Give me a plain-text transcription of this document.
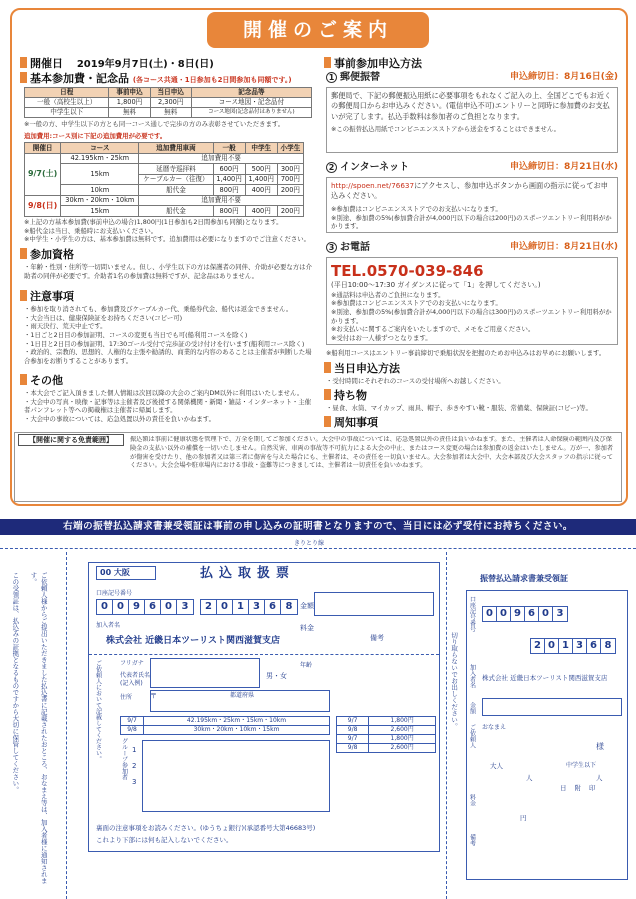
開催のご案内
開催日 2019年9月7日(土)・8日(日)
基本参加費・記念品 (各コース共通・1日参加も2日間参加も同額です。)
日程	事前申込	当日申込	記念品等
一般（高校生以上）	1,800円	2,300円	コース地図・記念品付
中学生以下	無料	無料	コース地図(記念品付はありません)
※一般の方、中学生以下の方とも同一コース通しで完歩の方のみ表彰させていただきます。
追加費用:コース別に下記の追加費用が必要です。
開催日	コース	追加費用車両	一般	中学生	小学生
9/7(土)	42.195km・25km	追加費用不要			
	15km	延暦寺巡拝料	600円	500円	300円
		ケーブルカー（往復）	1,400円	1,400円	700円
	10km	船代金	800円	400円	200円
9/8(日)	30km・20km・10km	追加費用不要			
	15km	船代金	800円	400円	200円
※上記の方基本参加費(事前申込の場合)1,800円(1日参加も2日間参加も同額)となります。
※船代金は当日、乗船時にお支払いください。
※中学生・小学生の方は、基本参加費は無料です。追加費用は必要になりますのでご注意ください。
参加資格
・年齢・性別・住所等一切問いません。但し、小学生以下の方は保護者の同伴、介助が必要な方は介助者の同伴が必要です。介助者1名の参加費は無料ですが、記念品はありません。
注意事項
・参加を取り消されても、参加費及びケーブルカー代、乗船券代金、船代は返金できません。
・大会当日は、健康保険証をお持ちください(コピー可)
・雨天決行、荒天中止です。
・1日ごと2日目の参加証明、コースの変更も当日でも可(船利用コースを除く)
・1日目と2日目の参加証明、17:30ゴール受付で完歩証の受け付けを行います(船利用コース除く)
・政治的、宗教的、思想的、人権的な主張や勧誘的、商業的な内容のあることは主催者が判断した場合参加をお断りすることがあります。
その他
・本大会でご記入頂きました個人情報は次回以降の大会のご案内DM以外に利用はいたしません。
・大会中の写真・映像・記事等は主催者及び後援する関係機関・新聞・雑誌・インターネット・主催者パンフレット等への掲載権は主催者に帰属します。
・大会中の事故については、応急処置以外の責任を負いかねます。
事前参加申込方法
1 郵便振替	申込締切日：8月16日(金)
郵便局で、下記の郵便振込用紙に必要事項をもれなくご記入の上、全国どこでもお近くの郵便局口からお申込みください。(電信申込不可)エントリーと同時に参加費のお支払いが完了します。払込手数料は参加者のご負担となります。
※この振替払込用紙でコンビニエンスストアから送金をすることはできません。
2 インターネット	申込締切日：8月21日(水)
http://spoen.net/76637にアクセスし、参加申込ボタンから画面の指示に従ってお申込みください。
※参加費はコンビニエンスストアでのお支払いになります。
※別途、参加費の5%(参加費合計が4,000円以下の場合は200円)のスポーツエントリー利用料がかかります。
3 お電話	申込締切日：8月21日(水)
TEL.0570-039-846
(平日10:00〜17:30 ガイダンスに従って「1」を押してください。)
※通話料は申込者のご負担になります。
※参加費はコンビニエンスストアでのお支払いになります。
※別途、参加費の5%(参加費合計が4,000円以下の場合は300円)のスポーツエントリー利用料がかかります。
※お支払いに関するご案内をいたしますので、メモをご用意ください。
※受付はお一人様ずつとなります。
※船利用コースはエントリー事前締切で乗船状況を把握のためお申込みはお早めにお願いします。
当日申込方法
・受付時間にそれぞれのコースの受付場所へお越しください。
持ち物
・昼食、水筒、マイカップ、雨具、帽子、歩きやすい靴・服装、常備薬、保険証(コピー)等。
周知事項
【開催に関する免責範囲】	振込額は事前に健康状態を管理下で、万全を期してご参加ください。大会中の事故については、応急処置以外の責任は負いかねます。また、主催者は人命保険の範囲内及び保険金の支払い以外の補償を一切いたしません。自然災害、車両の事故等不可抗力による大会の中止、またはコース変更の場合は参加費の返金はいたしません。万が一、参加者が傷害を受けたり、他の参加者又は第三者に傷害を与えた場合にも、主催者は、その責任を一切負いません。大会参加者は大会中、大会本部及び大会スタッフの指示に従ってください。大会会場や駐車場内における事故・盗難等につきましては、主催者は一切責任を負いかねます。
右端の振替払込請求書兼受領証は事前の申し込みの証明書となりますので、当日には必ず受付にお持ちください。
きりとり線
この受領証は、払込みの証拠となるものですから大切に保管してください。	ご依頼人様からご提出いただきました払込書に記載されたおところ、おなまえ等は、加入者様に通知されます。	00 大阪	払込取扱票
口座記号番号
0 0 9 6 0 3	2 0 1 3 6 8	金額
加入者名
株式会社 近畿日本ツーリスト関西滋賀支店
料金
備考
ご依頼人において記載してください。	フリガナ
代表者氏名(記入例)
男・女
年齢
住所	〒	都道府県
9/7	42.195km・25km・15km・10km
9/8	30km・20km・10km・15km
グループ参加者 1
2
3
9/7	1,800円
9/8	2,600円
9/7	1,800円
9/8	2,600円
裏面の注意事項をお読みください。(ゆうちょ銀行)(承認番号大第46683号)
これより下部には何も記入しないでください。
切り取らないでお出しください。
振替払込請求書兼受領証
口座記号番号	0 0 9 6 0 3
2 0 1 3 6 8
加入者名 株式会社 近畿日本ツーリスト関西滋賀支店
金額
ご依頼人 おなまえ
様
大人	中学生以下
人	人
料金
円
日附印
備考
